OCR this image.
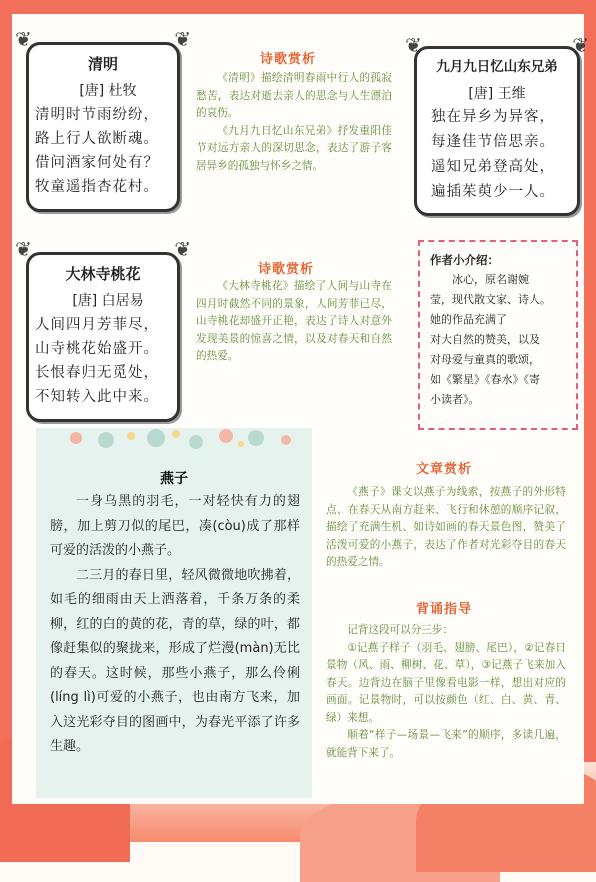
❦	❦
清明
[唐] 杜牧
清明时节雨纷纷，
路上行人欲断魂。
借问酒家何处有？
牧童遥指杏花村。
诗歌赏析

《清明》描绘清明春雨中行人的孤寂愁苦，表达对逝去亲人的思念与人生漂泊的哀伤。

《九月九日忆山东兄弟》抒发重阳佳节对远方亲人的深切思念，表达了游子客居异乡的孤独与怀乡之情。

❦	❦
九月九日忆山东兄弟
[唐] 王维
独在异乡为异客，
每逢佳节倍思亲。
遥知兄弟登高处，
遍插茱萸少一人。
❦	❦
大林寺桃花
[唐] 白居易
人间四月芳菲尽，
山寺桃花始盛开。
长恨春归无觅处，
不知转入此中来。
诗歌赏析

《大林寺桃花》描绘了人间与山寺在四月时截然不同的景象，人间芳菲已尽，山寺桃花却盛开正艳，表达了诗人对意外发现美景的惊喜之情，以及对春天和自然的热爱。

作者小介绍：
冰心，原名谢婉
莹，现代散文家、诗人。
她的作品充满了
对大自然的赞美，以及
对母爱与童真的歌颂，
如《繁星》《春水》《寄
小读者》。
燕子

一身乌黑的羽毛，一对轻快有力的翅膀，加上剪刀似的尾巴，凑(còu)成了那样可爱的活泼的小燕子。

二三月的春日里，轻风微微地吹拂着，如毛的细雨由天上洒落着，千条万条的柔柳，红的白的黄的花，青的草，绿的叶，都像赶集似的聚拢来，形成了烂漫(màn)无比的春天。这时候，那些小燕子，那么伶俐(líng lì)可爱的小燕子，也由南方飞来，加入这光彩夺目的图画中，为春光平添了许多生趣。

文章赏析

《燕子》课文以燕子为线索，按燕子的外形特点、在春天从南方赶来、飞行和休憩的顺序记叙，描绘了充满生机、如诗如画的春天景色图，赞美了活泼可爱的小燕子，表达了作者对光彩夺目的春天的热爱之情。

背诵指导

记背这段可以分三步：

①记燕子样子（羽毛、翅膀、尾巴），②记春日景物（风、雨、柳树、花、草），③记燕子飞来加入春天。边背边在脑子里像看电影一样，想出对应的画面。记景物时，可以按颜色（红、白、黄、青、绿）来想。

顺着“样子—场景—飞来”的顺序，多读几遍，就能背下来了。
